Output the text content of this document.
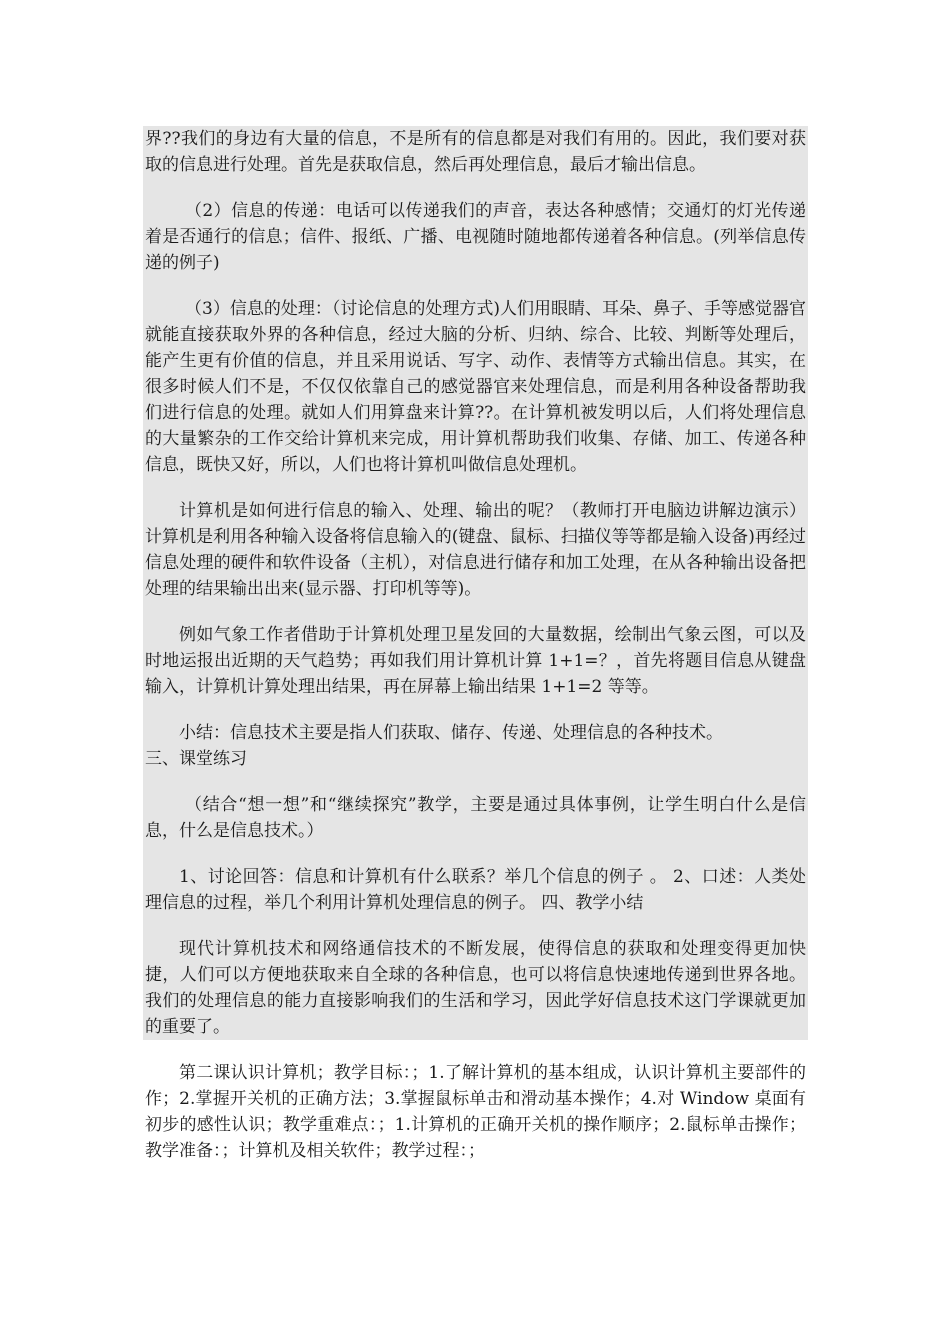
界??我们的身边有大量的信息，不是所有的信息都是对我们有用的。因此，我们要对获取的信息进行处理。首先是获取信息，然后再处理信息，最后才输出信息。

（2）信息的传递：电话可以传递我们的声音，表达各种感情；交通灯的灯光传递着是否通行的信息；信件、报纸、广播、电视随时随地都传递着各种信息。(列举信息传递的例子)

（3）信息的处理：（讨论信息的处理方式)人们用眼睛、耳朵、鼻子、手等感觉器官就能直接获取外界的各种信息，经过大脑的分析、归纳、综合、比较、判断等处理后，能产生更有价值的信息，并且采用说话、写字、动作、表情等方式输出信息。其实，在很多时候人们不是，不仅仅依靠自己的感觉器官来处理信息，而是利用各种设备帮助我们进行信息的处理。就如人们用算盘来计算??。在计算机被发明以后，人们将处理信息的大量繁杂的工作交给计算机来完成，用计算机帮助我们收集、存储、加工、传递各种信息，既快又好，所以，人们也将计算机叫做信息处理机。

计算机是如何进行信息的输入、处理、输出的呢？（教师打开电脑边讲解边演示）计算机是利用各种输入设备将信息输入的(键盘、鼠标、扫描仪等等都是输入设备)再经过信息处理的硬件和软件设备（主机），对信息进行储存和加工处理，在从各种输出设备把处理的结果输出出来(显示器、打印机等等)。

例如气象工作者借助于计算机处理卫星发回的大量数据，绘制出气象云图，可以及时地运报出近期的天气趋势；再如我们用计算机计算 1+1=？，首先将题目信息从键盘输入，计算机计算处理出结果，再在屏幕上输出结果 1+1=2 等等。

小结：信息技术主要是指人们获取、储存、传递、处理信息的各种技术。

三、课堂练习

（结合“想一想”和“继续探究”教学，主要是通过具体事例，让学生明白什么是信息，什么是信息技术。）

1、讨论回答：信息和计算机有什么联系？举几个信息的例子 。 2、口述：人类处理信息的过程，举几个利用计算机处理信息的例子。 四、教学小结

现代计算机技术和网络通信技术的不断发展，使得信息的获取和处理变得更加快捷，人们可以方便地获取来自全球的各种信息，也可以将信息快速地传递到世界各地。我们的处理信息的能力直接影响我们的生活和学习，因此学好信息技术这门学课就更加的重要了。

第二课认识计算机；教学目标：；1.了解计算机的基本组成，认识计算机主要部件的作；2.掌握开关机的正确方法；3.掌握鼠标单击和滑动基本操作；4.对 Window 桌面有初步的感性认识；教学重难点：；1.计算机的正确开关机的操作顺序；2.鼠标单击操作；教学准备：；计算机及相关软件；教学过程：；
